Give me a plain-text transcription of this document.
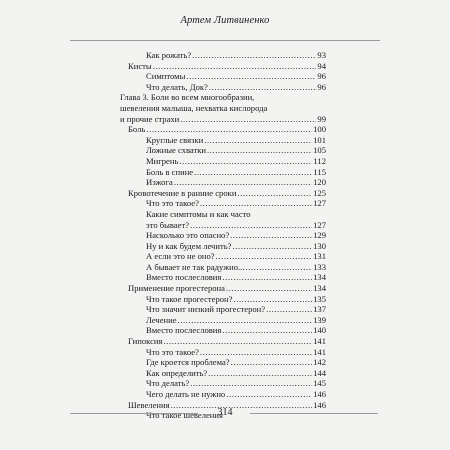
Артем Литвиненко
Как рожать? .....	93
Кисты .....	94
Симптомы .....	96
Что делать, Док? .....	96
Глава 3. Боли во всем многообразии,
шевеления малыша, нехватка кислорода
и прочие страхи .....	99
Боль .....	100
Круглые связки .....	101
Ложные схватки .....	105
Мигрень .....	112
Боль в спине .....	115
Изжога .....	120
Кровотечение в ранние сроки .....	125
Что это такое? .....	127
Какие симптомы и как часто
это бывает? .....	127
Насколько это опасно? .....	129
Ну и как будем лечить? .....	130
А если это не оно? .....	131
А бывает не так радужно... .....	133
Вместо послесловия .....	134
Применение прогестерона .....	134
Что такое прогестерон? .....	135
Что значит низкий прогестерон? .....	137
Лечение .....	139
Вместо послесловия .....	140
Гипоксия .....	141
Что это такое? .....	141
Где кроется проблема? .....	142
Как определить? .....	144
Что делать? .....	145
Чего делать не нужно .....	146
Шевеления .....	146
Что такое шевеления
314
